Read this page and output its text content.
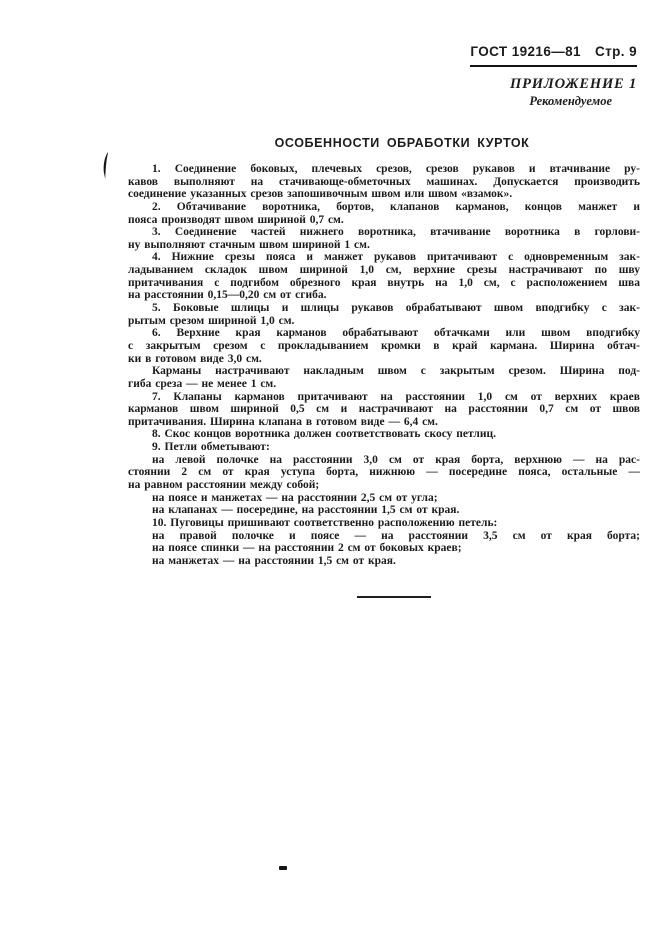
ГОСТ 19216—81 Стр. 9
ПРИЛОЖЕНИЕ 1
Рекомендуемое
ОСОБЕННОСТИ ОБРАБОТКИ КУРТОК
1. Соединение боковых, плечевых срезов, срезов рукавов и втачивание ру-
кавов выполняют на стачивающе-обметочных машинах. Допускается производить
соединение указанных срезов запошивочным швом или швом «взамок».
2. Обтачивание воротника, бортов, клапанов карманов, концов манжет и
пояса производят швом шириной 0,7 см.
3. Соединение частей нижнего воротника, втачивание воротника в горлови-
ну выполняют стачным швом шириной 1 см.
4. Нижние срезы пояса и манжет рукавов притачивают с одновременным зак-
ладыванием складок швом шириной 1,0 см, верхние срезы настрачивают по шву
притачивания с подгибом обрезного края внутрь на 1,0 см, с расположением шва
на расстоянии 0,15—0,20 см от сгиба.
5. Боковые шлицы и шлицы рукавов обрабатывают швом вподгибку с зак-
рытым срезом шириной 1,0 см.
6. Верхние края карманов обрабатывают обтачками или швом вподгибку
с закрытым срезом с прокладыванием кромки в край кармана. Ширина обтач-
ки в готовом виде 3,0 см.
Карманы настрачивают накладным швом с закрытым срезом. Ширина под-
гиба среза — не менее 1 см.
7. Клапаны карманов притачивают на расстоянии 1,0 см от верхних краев
карманов швом шириной 0,5 см и настрачивают на расстоянии 0,7 см от швов
притачивания. Ширина клапана в готовом виде — 6,4 см.
8. Скос концов воротника должен соответствовать скосу петлиц.
9. Петли обметывают:
на левой полочке на расстоянии 3,0 см от края борта, верхнюю — на рас-
стоянии 2 см от края уступа борта, нижнюю — посередине пояса, остальные —
на равном расстоянии между собой;
на поясе и манжетах — на расстоянии 2,5 см от угла;
на клапанах — посередине, на расстоянии 1,5 см от края.
10. Пуговицы пришивают соответственно расположению петель:
на правой полочке и поясе — на расстоянии 3,5 см от края борта;
на поясе спинки — на расстоянии 2 см от боковых краев;
на манжетах — на расстоянии 1,5 см от края.
